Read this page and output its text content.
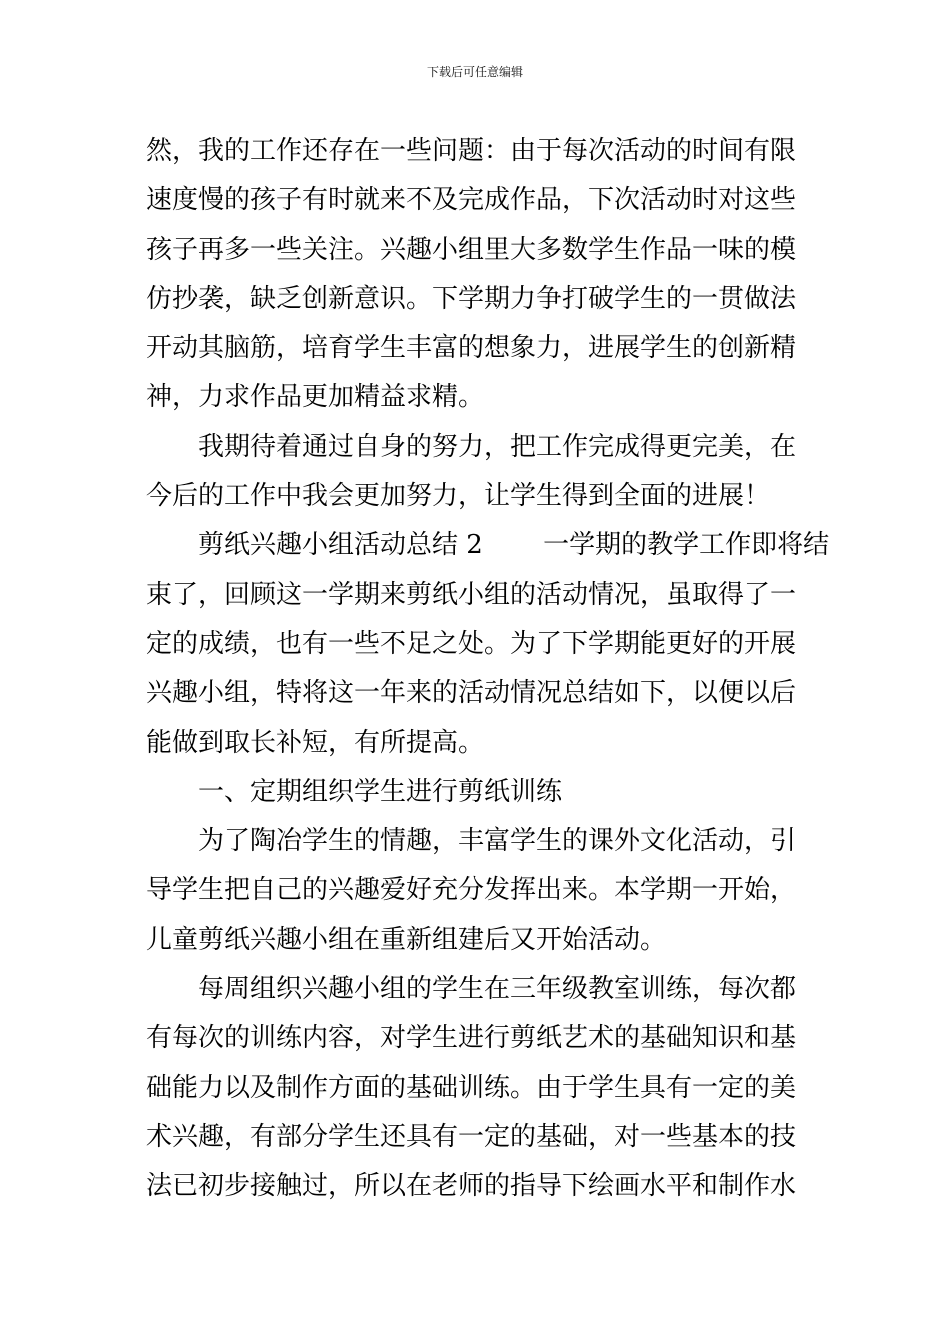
下载后可任意编辑
然，我的工作还存在一些问题：由于每次活动的时间有限
速度慢的孩子有时就来不及完成作品，下次活动时对这些
孩子再多一些关注。兴趣小组里大多数学生作品一味的模
仿抄袭，缺乏创新意识。下学期力争打破学生的一贯做法
开动其脑筋，培育学生丰富的想象力，进展学生的创新精
神，力求作品更加精益求精。
我期待着通过自身的努力，把工作完成得更完美，在
今后的工作中我会更加努力，让学生得到全面的进展！
剪纸兴趣小组活动总结 2　　 一学期的教学工作即将结
束了，回顾这一学期来剪纸小组的活动情况，虽取得了一
定的成绩，也有一些不足之处。为了下学期能更好的开展
兴趣小组，特将这一年来的活动情况总结如下，以便以后
能做到取长补短，有所提高。
一、定期组织学生进行剪纸训练
为了陶冶学生的情趣，丰富学生的课外文化活动，引
导学生把自己的兴趣爱好充分发挥出来。本学期一开始，
儿童剪纸兴趣小组在重新组建后又开始活动。
每周组织兴趣小组的学生在三年级教室训练，每次都
有每次的训练内容，对学生进行剪纸艺术的基础知识和基
础能力以及制作方面的基础训练。由于学生具有一定的美
术兴趣，有部分学生还具有一定的基础，对一些基本的技
法已初步接触过，所以在老师的指导下绘画水平和制作水
